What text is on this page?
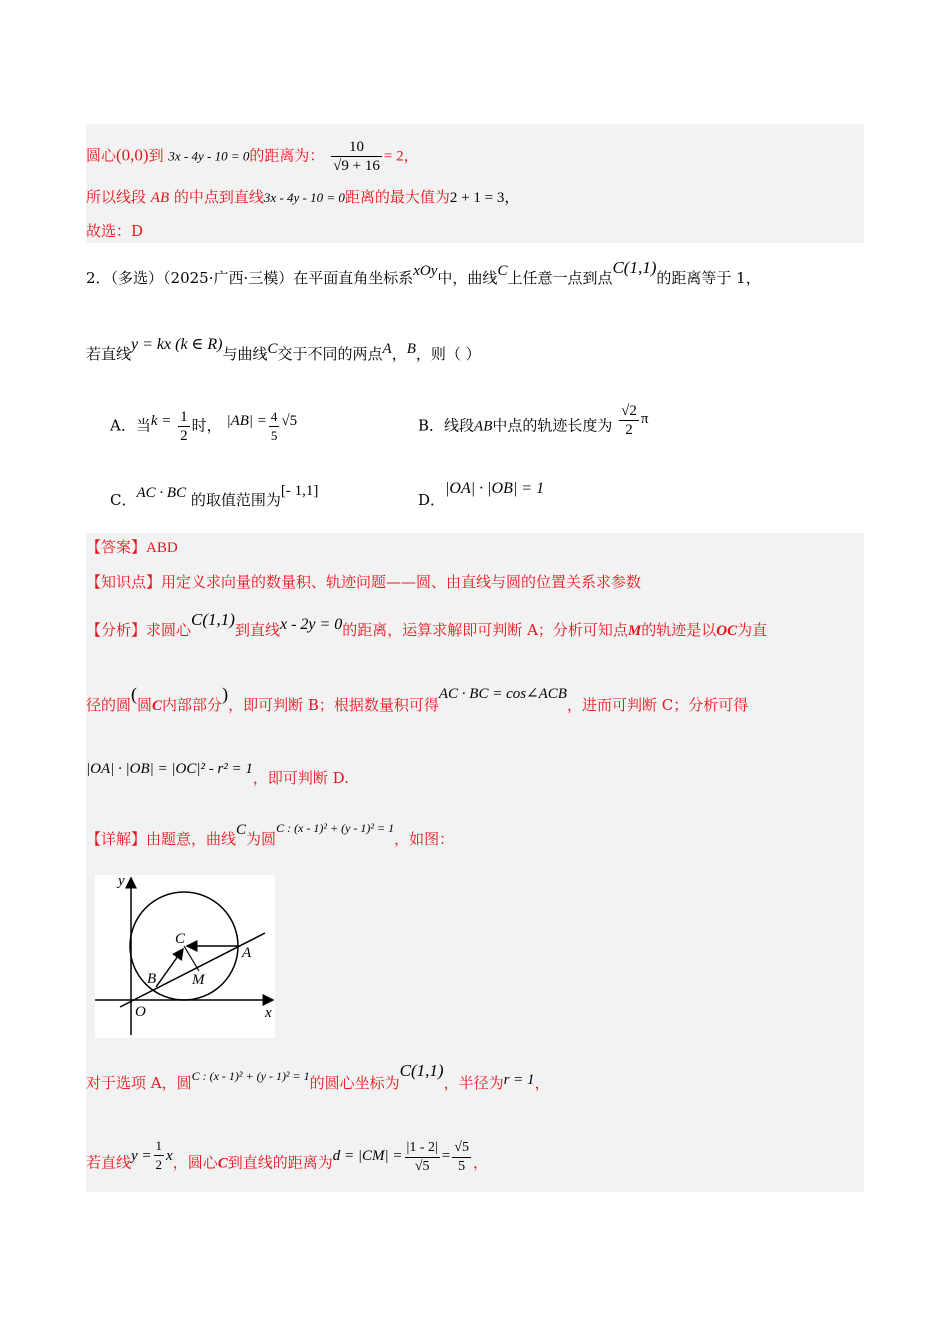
圆心(0,0)到 3x - 4y - 10 = 0的距离为： $\frac{10}{√9 + 16} = 2$，
所以线段 AB 的中点到直线3x - 4y - 10 = 0距离的最大值为2 + 1 = 3，
故选：D
2．（多选）（2025·广西·三模）在平面直角坐标系xOy中，曲线C上任意一点到点C(1,1)的距离等于 1，
若直线y = kx (k ∈ R)与曲线C交于不同的两点A，B，则（ ）
A．当$k = \frac{1}{2}$ 时， $|AB| = \frac{4}{5} √5$	B．线段AB中点的轨迹长度为 $\frac{√2}{2}$ π
C．AC · BC 的取值范围为[- 1,1]	D．|OA| · |OB| = 1
【答案】ABD
【知识点】用定义求向量的数量积、轨迹问题——圆、由直线与圆的位置关系求参数
【分析】求圆心C(1,1)到直线x - 2y = 0的距离，运算求解即可判断 A；分析可知点M的轨迹是以OC为直
径的圆(圆C内部部分)，即可判断 B；根据数量积可得AC · BC = cos∠ACB，进而可判断 C；分析可得
|OA| · |OB| = |OC|² - r² = 1，即可判断 D.
【详解】由题意，曲线C为圆$^{C : (x - 1)^2 + (y - 1)^2 = 1}$，如图：
y
C
A
B M
O	x
对于选项 A，圆$^{C : (x - 1)^2 + (y - 1)^2 = 1}$的圆心坐标为C(1,1)，半径为r = 1，
若直线$y = \frac{1}{2}$ x，圆心C到直线的距离为$d = |CM| = \frac{|1 - 2|}{√5} = \frac{√5}{5}$ ，
